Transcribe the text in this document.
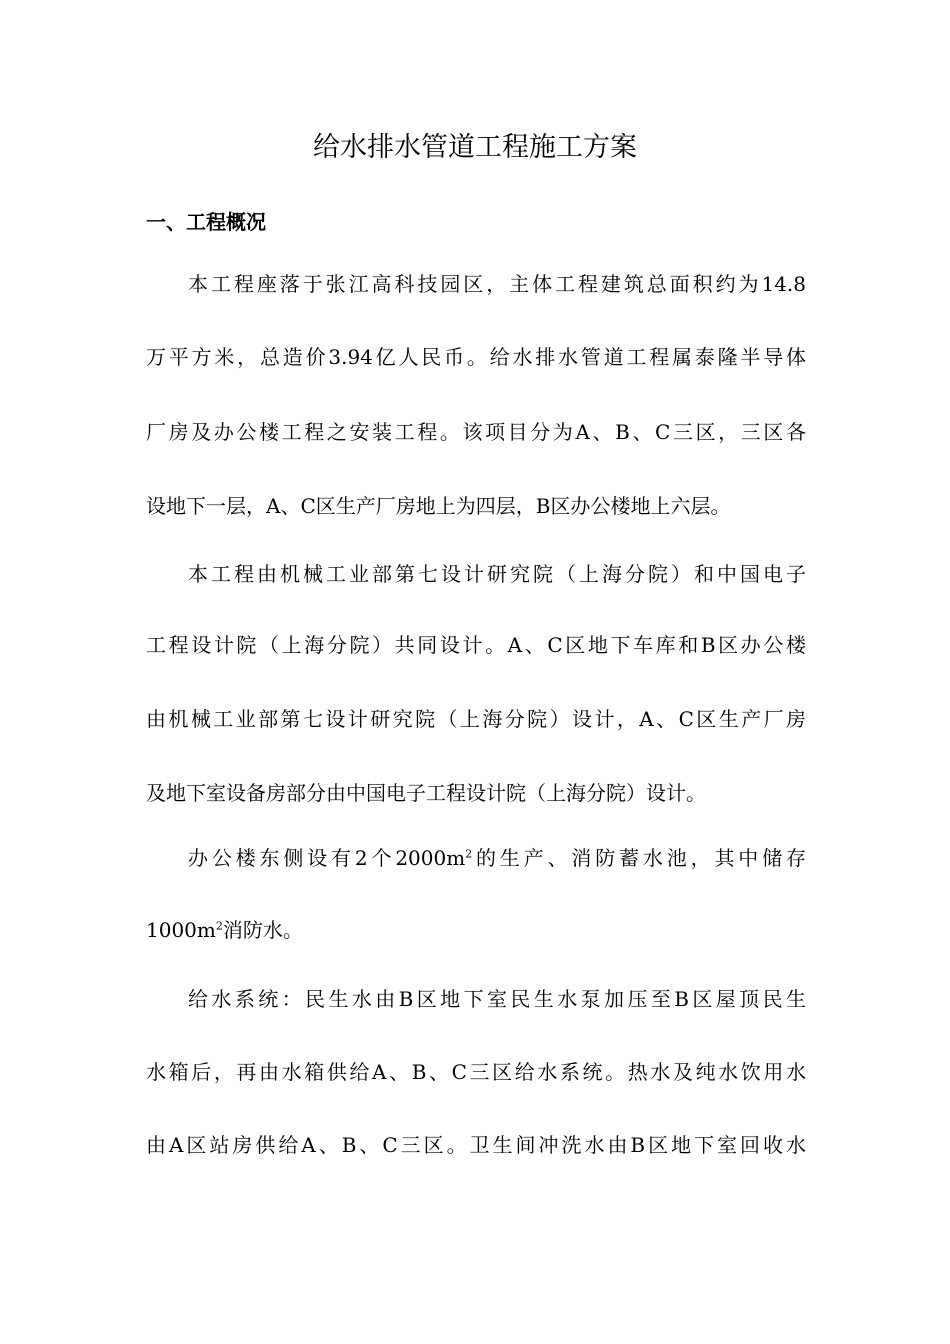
给水排水管道工程施工方案
一、工程概况
本工程座落于张江高科技园区，主体工程建筑总面积约为14.8
万平方米，总造价3.94亿人民币。给水排水管道工程属泰隆半导体
厂房及办公楼工程之安装工程。该项目分为A、B、C三区，三区各
设地下一层，A、C区生产厂房地上为四层，B区办公楼地上六层。
本工程由机械工业部第七设计研究院（上海分院）和中国电子
工程设计院（上海分院）共同设计。A、C区地下车库和B区办公楼
由机械工业部第七设计研究院（上海分院）设计，A、C区生产厂房
及地下室设备房部分由中国电子工程设计院（上海分院）设计。
办公楼东侧设有2个$2000m^2$的生产、消防蓄水池，其中储存
$1000m^2$消防水。
给水系统：民生水由B区地下室民生水泵加压至B区屋顶民生
水箱后，再由水箱供给A、B、C三区给水系统。热水及纯水饮用水
由A区站房供给A、B、C三区。卫生间冲洗水由B区地下室回收水
